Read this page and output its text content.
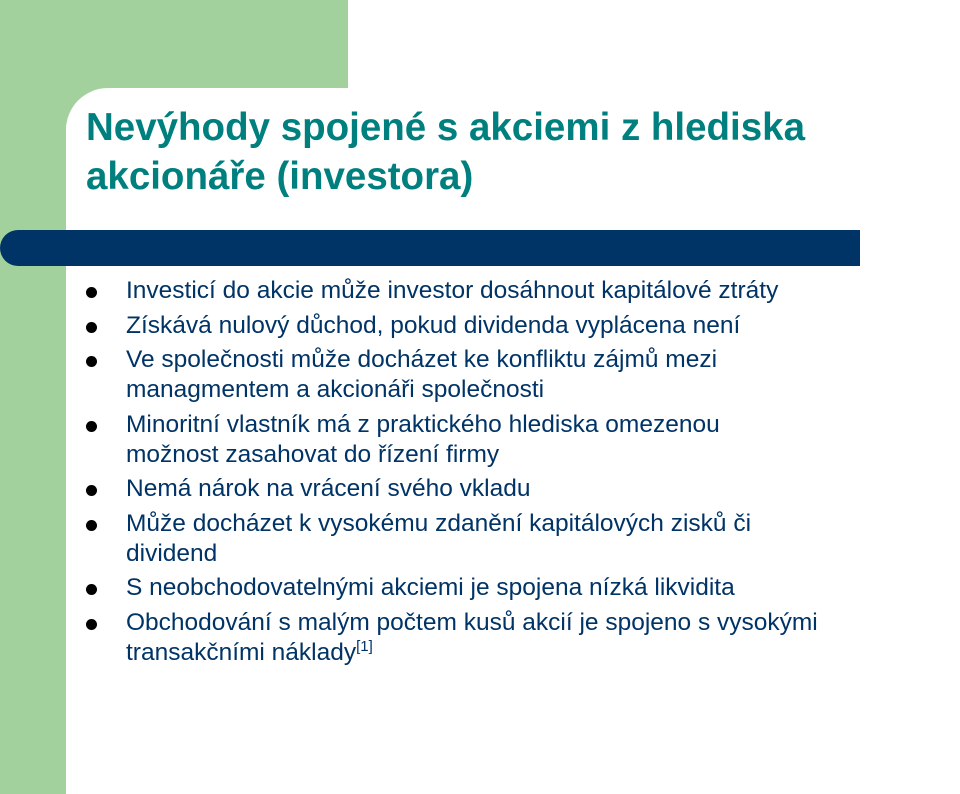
Nevýhody spojené s akciemi z hlediska
akcionáře (investora)
Investicí do akcie může investor dosáhnout kapitálové ztráty
Získává nulový důchod, pokud dividenda vyplácena není
Ve společnosti může docházet ke konfliktu zájmů mezi
managmentem a akcionáři společnosti
Minoritní vlastník má z praktického hlediska omezenou
možnost zasahovat do řízení firmy
Nemá nárok na vrácení svého vkladu
Může docházet k vysokému zdanění kapitálových zisků či
dividend
S neobchodovatelnými akciemi je spojena nízká likvidita
Obchodování s malým počtem kusů akcií je spojeno s vysokými
transakčními náklady[1]
